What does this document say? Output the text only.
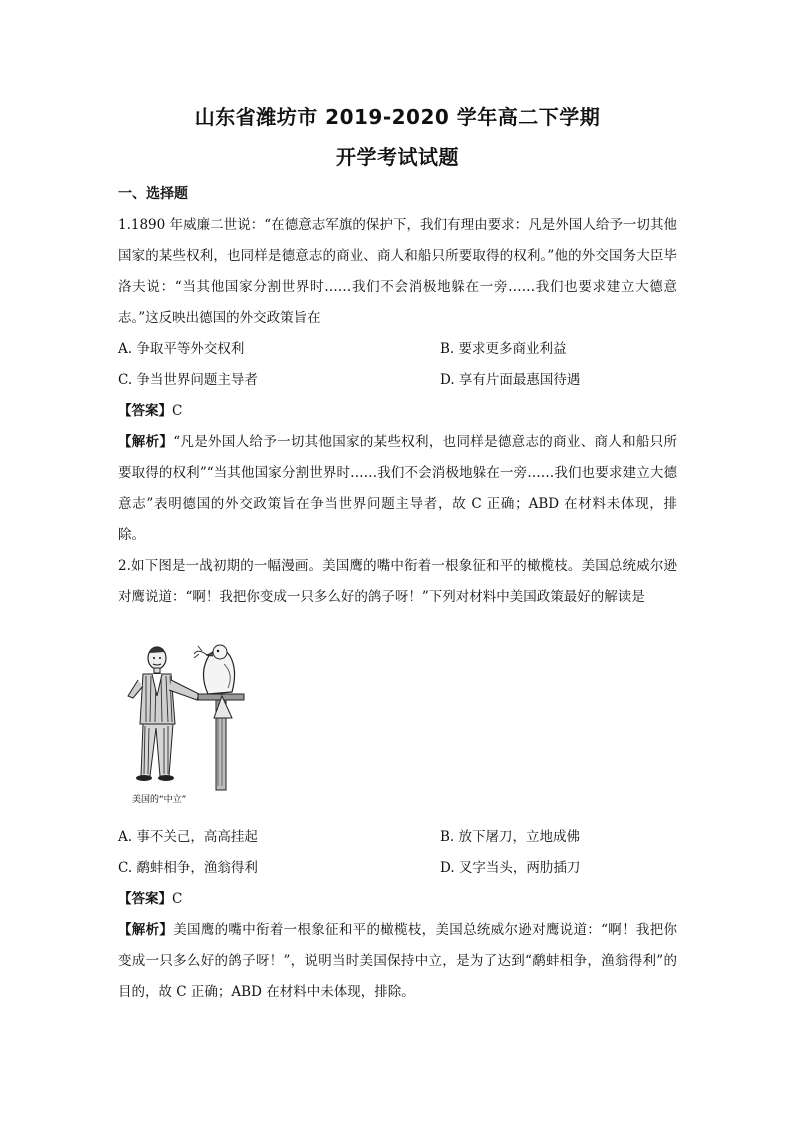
山东省潍坊市 2019-2020 学年高二下学期
开学考试试题
一、选择题

1.1890 年威廉二世说：“在德意志军旗的保护下，我们有理由要求：凡是外国人给予一切其他国家的某些权利，也同样是德意志的商业、商人和船只所要取得的权利。”他的外交国务大臣毕洛夫说：“当其他国家分割世界时……我们不会消极地躲在一旁……我们也要求建立大德意志。”这反映出德国的外交政策旨在

A. 争取平等外交权利	B. 要求更多商业利益
C. 争当世界问题主导者	D. 享有片面最惠国待遇

【答案】C

【解析】“凡是外国人给予一切其他国家的某些权利，也同样是德意志的商业、商人和船只所要取得的权利”“当其他国家分割世界时……我们不会消极地躲在一旁……我们也要求建立大德意志”表明德国的外交政策旨在争当世界问题主导者，故 C 正确；ABD 在材料未体现，排除。

2.如下图是一战初期的一幅漫画。美国鹰的嘴中衔着一根象征和平的橄榄枝。美国总统威尔逊对鹰说道：“啊！我把你变成一只多么好的鸽子呀！”下列对材料中美国政策最好的解读是

美国的“中立”
A. 事不关己，高高挂起	B. 放下屠刀，立地成佛
C. 鹬蚌相争，渔翁得利	D. 叉字当头，两肋插刀

【答案】C

【解析】美国鹰的嘴中衔着一根象征和平的橄榄枝，美国总统威尔逊对鹰说道：“啊！我把你变成一只多么好的鸽子呀！”，说明当时美国保持中立，是为了达到“鹬蚌相争，渔翁得利”的目的，故 C 正确；ABD 在材料中未体现，排除。
